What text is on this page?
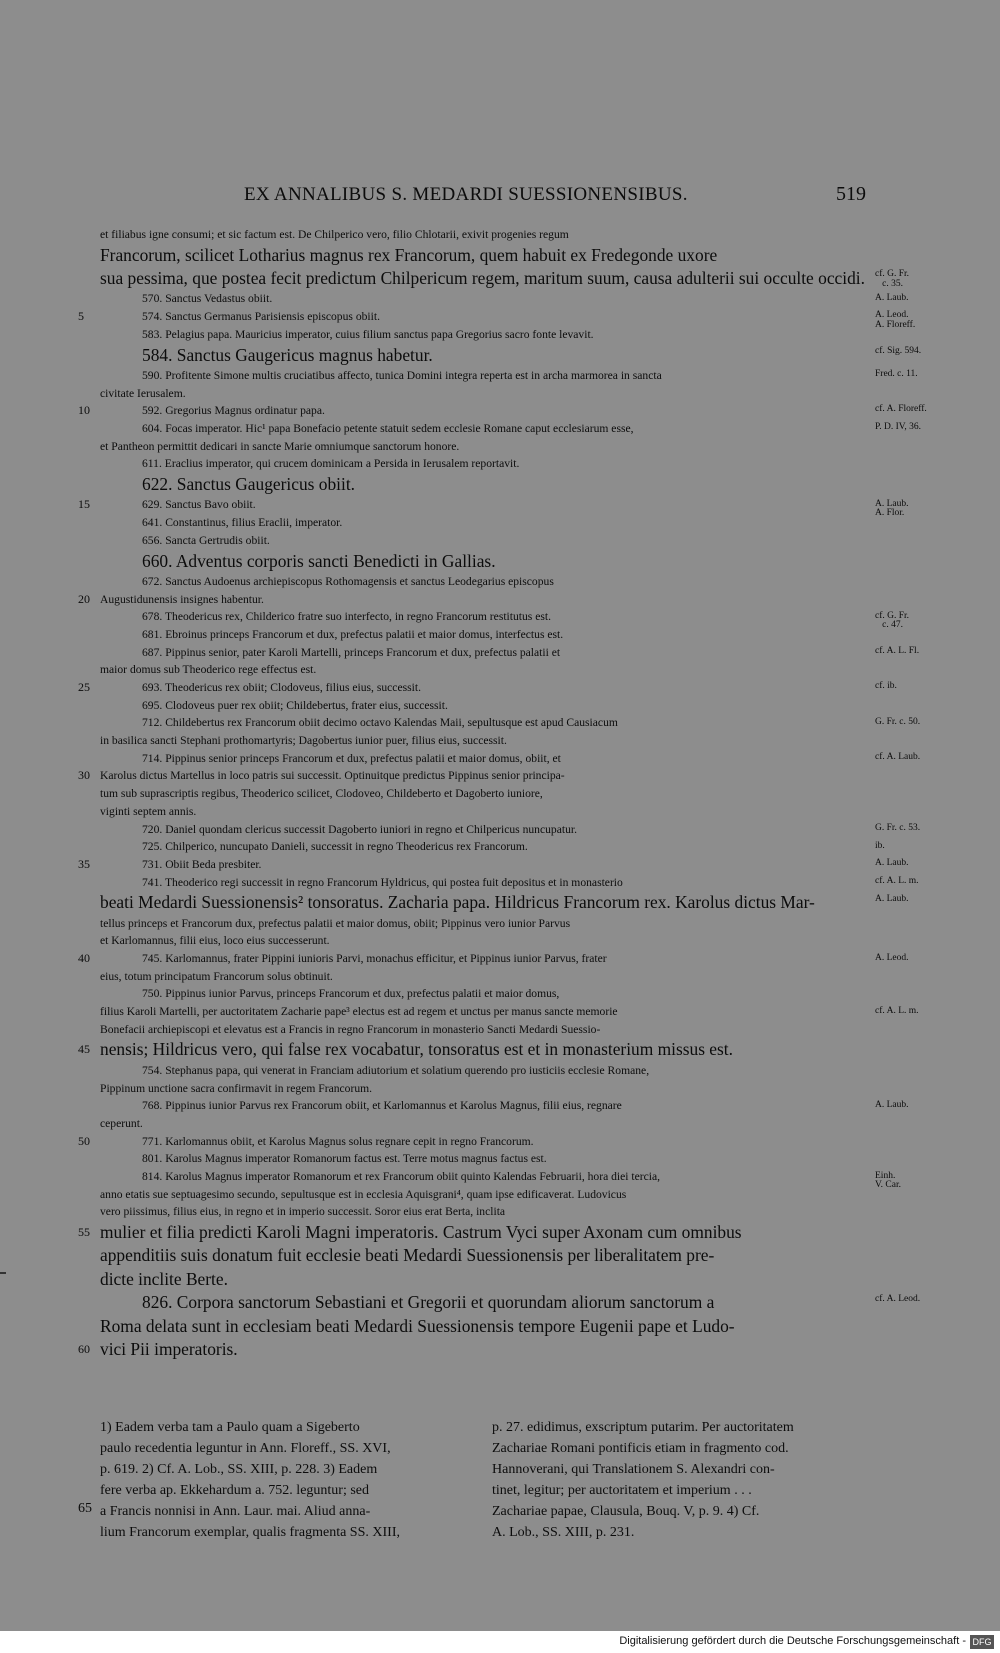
EX ANNALIBUS S. MEDARDI SUESSIONENSIBUS.	519
et filiabus igne consumi; et sic factum est. De Chilperico vero, filio Chlotarii, exivit progenies regum
Francorum, scilicet Lotharius magnus rex Francorum, quem habuit ex Fredegonde uxore
sua pessima, que postea fecit predictum Chilpericum regem, maritum suum, causa adulterii sui occulte occidi.
570. Sanctus Vedastus obiit.
574. Sanctus Germanus Parisiensis episcopus obiit.
5
583. Pelagius papa. Mauricius imperator, cuius filium sanctus papa Gregorius sacro fonte levavit.
584. Sanctus Gaugericus magnus habetur.
590. Profitente Simone multis cruciatibus affecto, tunica Domini integra reperta est in archa marmorea in sancta
civitate Ierusalem.
592. Gregorius Magnus ordinatur papa.
10
604. Focas imperator. Hic¹ papa Bonefacio petente statuit sedem ecclesie Romane caput ecclesiarum esse,
et Pantheon permittit dedicari in sancte Marie omniumque sanctorum honore.
611. Eraclius imperator, qui crucem dominicam a Persida in Ierusalem reportavit.
622. Sanctus Gaugericus obiit.
629. Sanctus Bavo obiit.
15
641. Constantinus, filius Eraclii, imperator.
656. Sancta Gertrudis obiit.
660. Adventus corporis sancti Benedicti in Gallias.
672. Sanctus Audoenus archiepiscopus Rothomagensis et sanctus Leodegarius episcopus
Augustidunensis insignes habentur.
20
678. Theodericus rex, Childerico fratre suo interfecto, in regno Francorum restitutus est.
681. Ebroinus princeps Francorum et dux, prefectus palatii et maior domus, interfectus est.
687. Pippinus senior, pater Karoli Martelli, princeps Francorum et dux, prefectus palatii et
maior domus sub Theoderico rege effectus est.
693. Theodericus rex obiit; Clodoveus, filius eius, successit.
25
695. Clodoveus puer rex obiit; Childebertus, frater eius, successit.
712. Childebertus rex Francorum obiit decimo octavo Kalendas Maii, sepultusque est apud Causiacum
in basilica sancti Stephani prothomartyris; Dagobertus iunior puer, filius eius, successit.
714. Pippinus senior princeps Francorum et dux, prefectus palatii et maior domus, obiit, et
Karolus dictus Martellus in loco patris sui successit. Optinuitque predictus Pippinus senior principa-
30
tum sub suprascriptis regibus, Theoderico scilicet, Clodoveo, Childeberto et Dagoberto iuniore,
viginti septem annis.
720. Daniel quondam clericus successit Dagoberto iuniori in regno et Chilpericus nuncupatur.
725. Chilperico, nuncupato Danieli, successit in regno Theodericus rex Francorum.
731. Obiit Beda presbiter.
35
741. Theoderico regi successit in regno Francorum Hyldricus, qui postea fuit depositus et in monasterio
beati Medardi Suessionensis² tonsoratus. Zacharia papa. Hildricus Francorum rex. Karolus dictus Mar-
tellus princeps et Francorum dux, prefectus palatii et maior domus, obiit; Pippinus vero iunior Parvus
et Karlomannus, filii eius, loco eius successerunt.
745. Karlomannus, frater Pippini iunioris Parvi, monachus efficitur, et Pippinus iunior Parvus, frater
40
eius, totum principatum Francorum solus obtinuit.
750. Pippinus iunior Parvus, princeps Francorum et dux, prefectus palatii et maior domus,
filius Karoli Martelli, per auctoritatem Zacharie pape³ electus est ad regem et unctus per manus sancte memorie
Bonefacii archiepiscopi et elevatus est a Francis in regno Francorum in monasterio Sancti Medardi Suessio-
nensis; Hildricus vero, qui false rex vocabatur, tonsoratus est et in monasterium missus est.
45
754. Stephanus papa, qui venerat in Franciam adiutorium et solatium querendo pro iusticiis ecclesie Romane,
Pippinum unctione sacra confirmavit in regem Francorum.
768. Pippinus iunior Parvus rex Francorum obiit, et Karlomannus et Karolus Magnus, filii eius, regnare
ceperunt.
771. Karlomannus obiit, et Karolus Magnus solus regnare cepit in regno Francorum.
50
801. Karolus Magnus imperator Romanorum factus est. Terre motus magnus factus est.
814. Karolus Magnus imperator Romanorum et rex Francorum obiit quinto Kalendas Februarii, hora diei tercia,
anno etatis sue septuagesimo secundo, sepultusque est in ecclesia Aquisgrani⁴, quam ipse edificaverat. Ludovicus
vero piissimus, filius eius, in regno et in imperio successit. Soror eius erat Berta, inclita
mulier et filia predicti Karoli Magni imperatoris. Castrum Vyci super Axonam cum omnibus
55
appenditiis suis donatum fuit ecclesie beati Medardi Suessionensis per liberalitatem pre-
dicte inclite Berte.
826. Corpora sanctorum Sebastiani et Gregorii et quorundam aliorum sanctorum a
Roma delata sunt in ecclesiam beati Medardi Suessionensis tempore Eugenii pape et Ludo-
vici Pii imperatoris.
60
cf. G. Fr.
c. 35.
A. Laub.
A. Leod.
A. Floreff.
cf. Sig. 594.
Fred. c. 11.
cf. A. Floreff.
P. D. IV, 36.
A. Laub.
A. Flor.
cf. G. Fr.
c. 47.
cf. A. L. Fl.
cf. ib.
G. Fr. c. 50.
cf. A. Laub.
G. Fr. c. 53.
ib.
A. Laub.
cf. A. L. m.
A. Laub.
A. Leod.
cf. A. L. m.
A. Laub.
Einh.
V. Car.
cf. A. Leod.
65
1) Eadem verba tam a Paulo quam a Sigeberto
paulo recedentia leguntur in Ann. Floreff., SS. XVI,
p. 619. 2) Cf. A. Lob., SS. XIII, p. 228. 3) Eadem
fere verba ap. Ekkehardum a. 752. leguntur; sed
a Francis nonnisi in Ann. Laur. mai. Aliud anna-
lium Francorum exemplar, qualis fragmenta SS. XIII,
p. 27. edidimus, exscriptum putarim. Per auctoritatem
Zachariae Romani pontificis etiam in fragmento cod.
Hannoverani, qui Translationem S. Alexandri con-
tinet, legitur; per auctoritatem et imperium . . .
Zachariae papae, Clausula, Bouq. V, p. 9. 4) Cf.
A. Lob., SS. XIII, p. 231.
Digitalisierung gefördert durch die Deutsche Forschungsgemeinschaft - DFG
